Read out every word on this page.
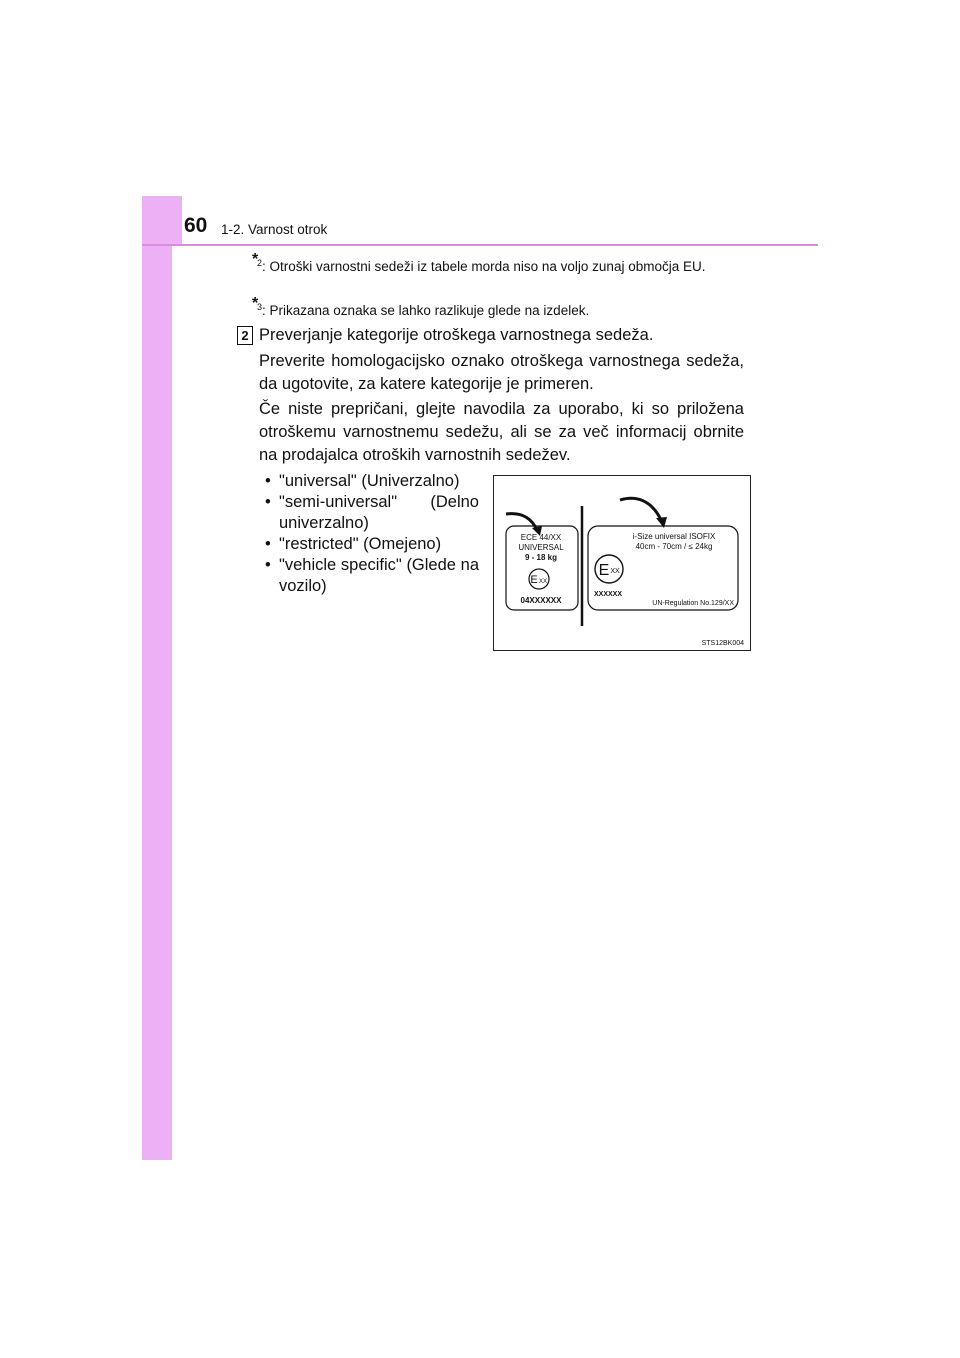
60 1-2. Varnost otrok
*
$^2$: Otroški varnostni sedeži iz tabele morda niso na voljo zunaj območja EU.
*
$^3$: Prikazana oznaka se lahko razlikuje glede na izdelek.
2 Preverjanje kategorije otroškega varnostnega sedeža.
Preverite homologacijsko oznako otroškega varnostnega sedeža, da ugotovite, za katere kategorije je primeren.
Če niste prepričani, glejte navodila za uporabo, ki so priložena otroškemu varnostnemu sedežu, ali se za več informacij obrnite na prodajalca otroških varnostnih sedežev.
• "universal" (Univerzalno)
• "semi-universal" (Delno univerzalno)
• "restricted" (Omejeno)
• "vehicle specific" (Glede na vozilo)
ECE 44/XX
UNIVERSAL
9 - 18 kg
E XX
04XXXXXX
i-Size universal ISOFIX
40cm - 70cm / ≤ 24kg
E XX
XXXXXX
UN-Regulation No.129/XX
STS12BK004
